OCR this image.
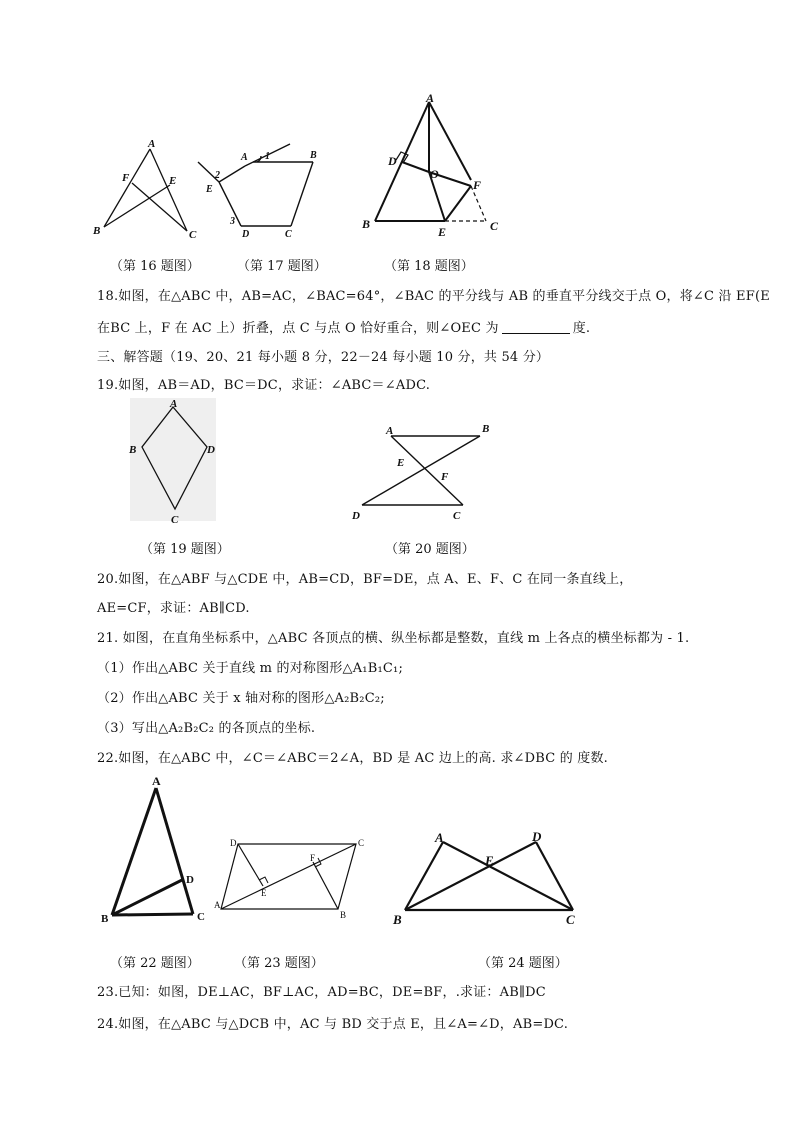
A
F	E
B	C
A 1	B
2
E
3
D	C
A
D
O
F
B
E	C
（第 16 题图）	（第 17 题图）	（第 18 题图）
18.如图，在△ABC 中，AB=AC，∠BAC=64°，∠BAC 的平分线与 AB 的垂直平分线交于点 O，将∠C 沿 EF(E
在BC 上，F 在 AC 上）折叠，点 C 与点 O 恰好重合，则∠OEC 为	度.
三、解答题（19、20、21 每小题 8 分，22－24 每小题 10 分，共 54 分）
19.如图，AB＝AD，BC＝DC，求证：∠ABC＝∠ADC.
A
B	D
C
A	B
E
F
D	C
（第 19 题图）	（第 20 题图）
20.如图，在△ABF 与△CDE 中，AB=CD，BF=DE，点 A、E、F、C 在同一条直线上，
AE=CF，求证：AB∥CD.
21. 如图，在直角坐标系中，△ABC 各顶点的横、纵坐标都是整数，直线 m 上各点的横坐标都为 - 1.
（1）作出△ABC 关于直线 m 的对称图形△A₁B₁C₁;
（2）作出△ABC 关于 x 轴对称的图形△A₂B₂C₂;
（3）写出△A₂B₂C₂ 的各顶点的坐标.
22.如图，在△ABC 中，∠C＝∠ABC＝2∠A，BD 是 AC 边上的高. 求∠DBC 的 度数.
A
D
B	C
D	C
F
E
A
B
A	D
E
B	C
（第 22 题图）	（第 23 题图）	（第 24 题图）
23.已知：如图，DE⊥AC，BF⊥AC，AD=BC，DE=BF，.求证：AB∥DC
24.如图，在△ABC 与△DCB 中，AC 与 BD 交于点 E，且∠A=∠D，AB=DC.
